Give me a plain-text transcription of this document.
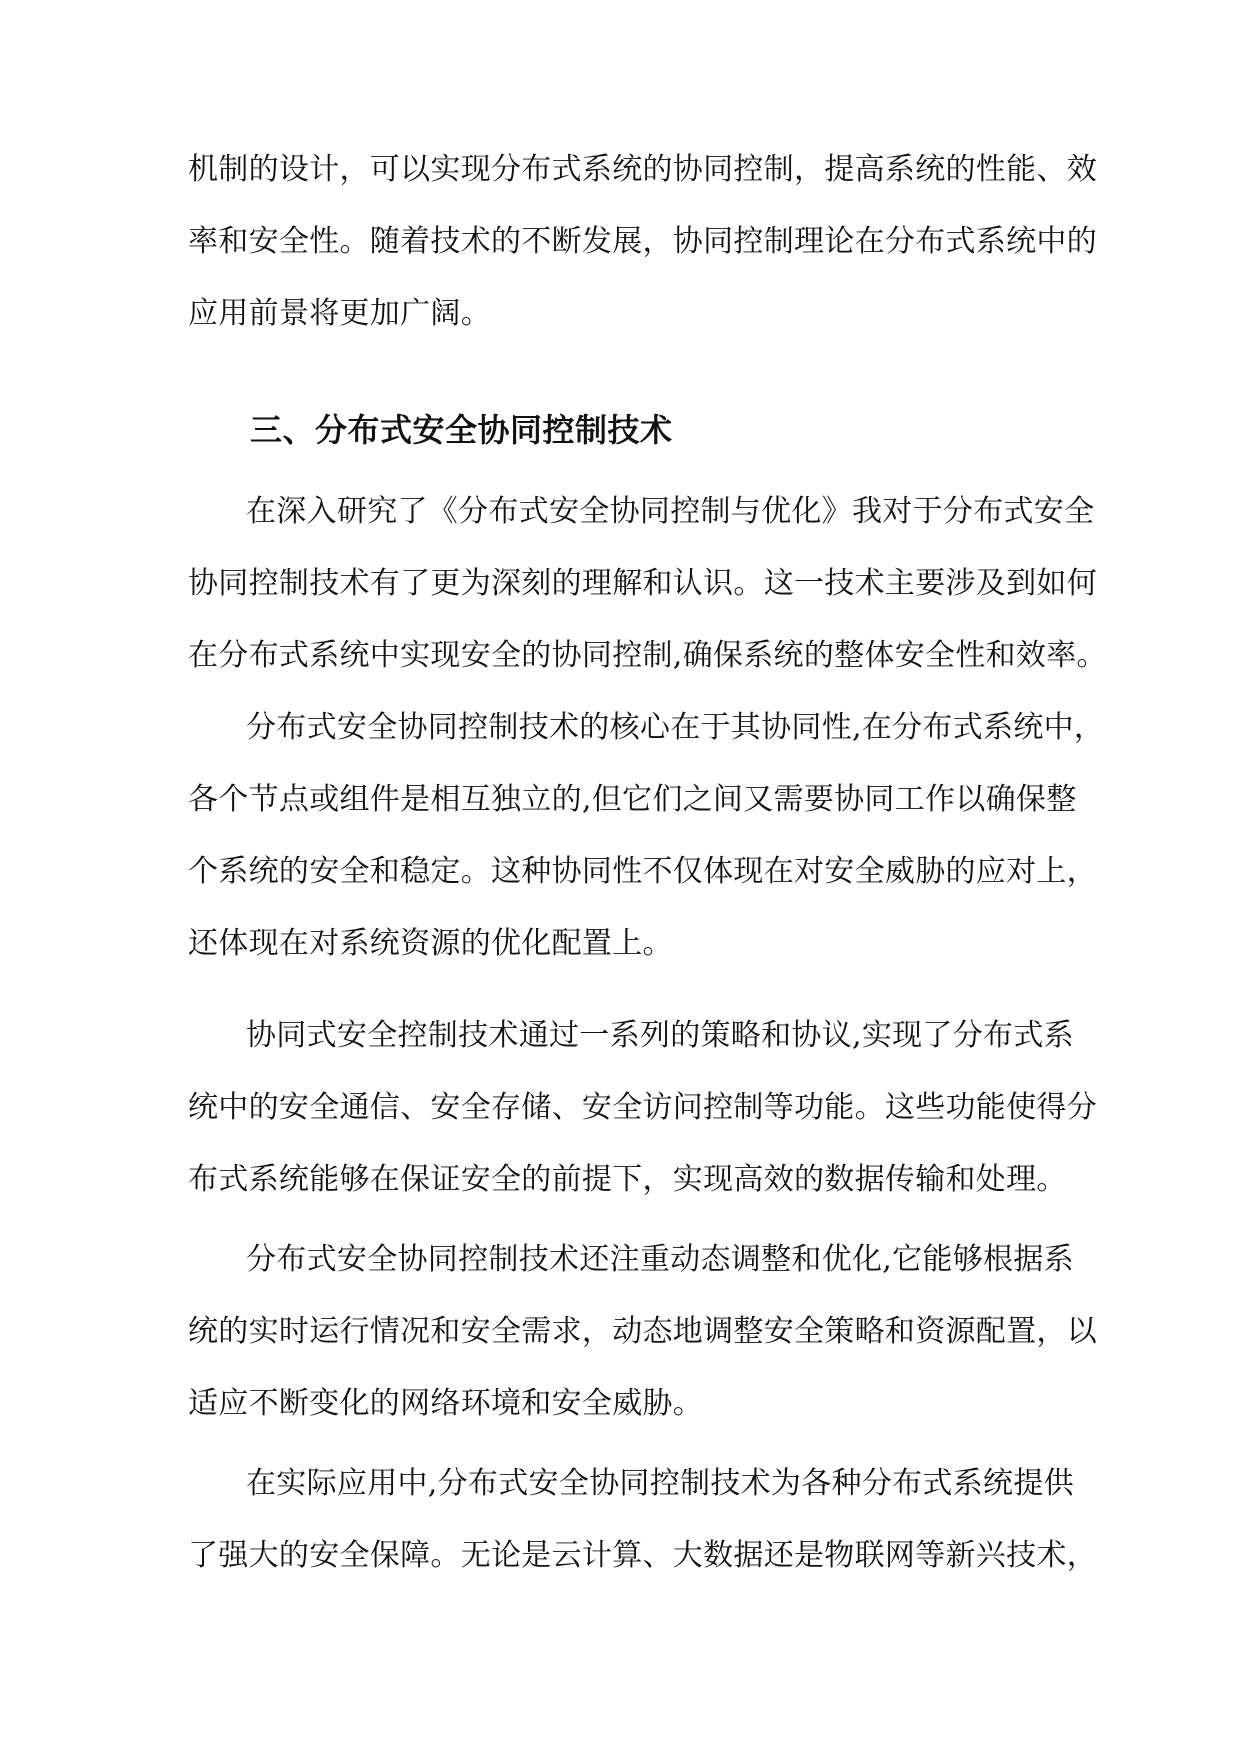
机制的设计，可以实现分布式系统的协同控制，提高系统的性能、效
率和安全性。随着技术的不断发展，协同控制理论在分布式系统中的
应用前景将更加广阔。
三、分布式安全协同控制技术
在深入研究了《分布式安全协同控制与优化》我对于分布式安全
协同控制技术有了更为深刻的理解和认识。这一技术主要涉及到如何
在分布式系统中实现安全的协同控制,确保系统的整体安全性和效率。
分布式安全协同控制技术的核心在于其协同性,在分布式系统中，
各个节点或组件是相互独立的,但它们之间又需要协同工作以确保整
个系统的安全和稳定。这种协同性不仅体现在对安全威胁的应对上，
还体现在对系统资源的优化配置上。
协同式安全控制技术通过一系列的策略和协议,实现了分布式系
统中的安全通信、安全存储、安全访问控制等功能。这些功能使得分
布式系统能够在保证安全的前提下，实现高效的数据传输和处理。
分布式安全协同控制技术还注重动态调整和优化,它能够根据系
统的实时运行情况和安全需求，动态地调整安全策略和资源配置，以
适应不断变化的网络环境和安全威胁。
在实际应用中,分布式安全协同控制技术为各种分布式系统提供
了强大的安全保障。无论是云计算、大数据还是物联网等新兴技术，
